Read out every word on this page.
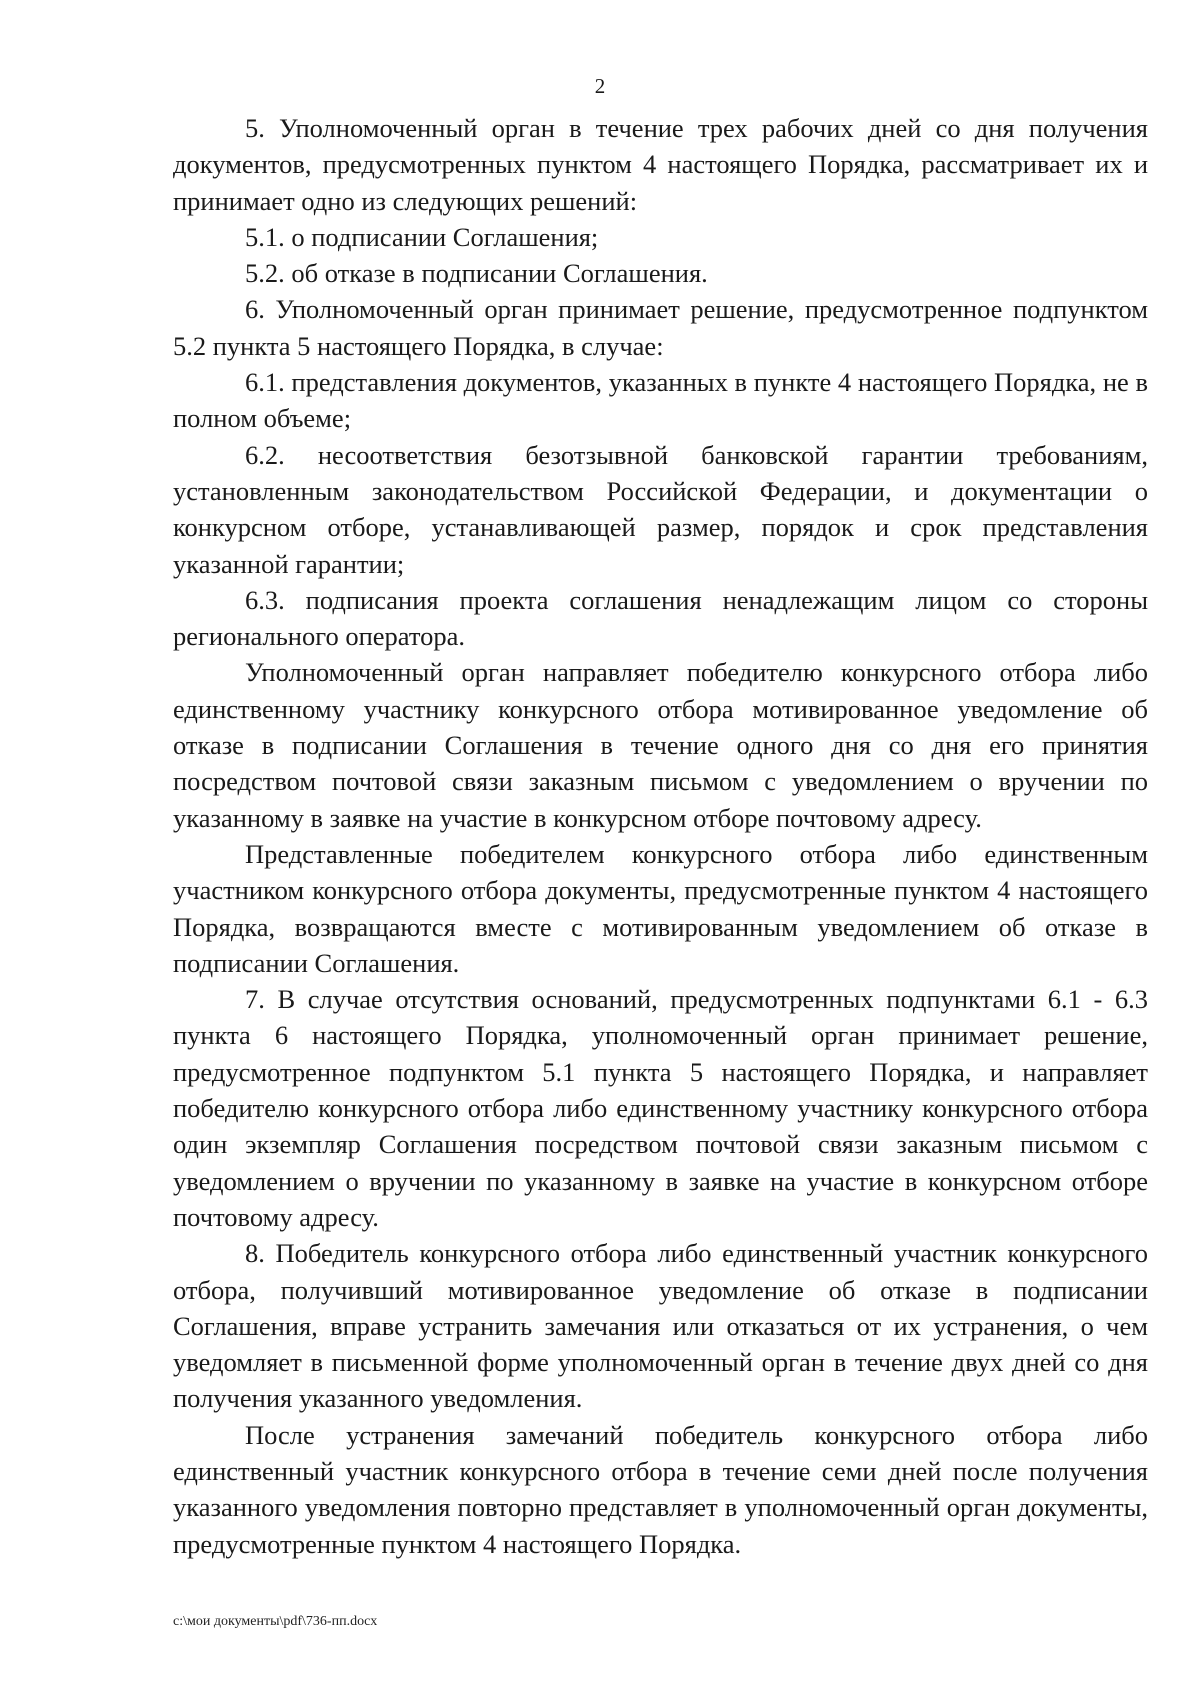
2

5. Уполномоченный орган в течение трех рабочих дней со дня получения документов, предусмотренных пунктом 4 настоящего Порядка, рассматривает их и принимает одно из следующих решений:

5.1. о подписании Соглашения;

5.2. об отказе в подписании Соглашения.

6. Уполномоченный орган принимает решение, предусмотренное подпунктом 5.2 пункта 5 настоящего Порядка, в случае:

6.1. представления документов, указанных в пункте 4 настоящего Порядка, не в полном объеме;

6.2. несоответствия безотзывной банковской гарантии требованиям, установленным законодательством Российской Федерации, и документации о конкурсном отборе, устанавливающей размер, порядок и срок представления указанной гарантии;

6.3. подписания проекта соглашения ненадлежащим лицом со стороны регионального оператора.

Уполномоченный орган направляет победителю конкурсного отбора либо единственному участнику конкурсного отбора мотивированное уведомление об отказе в подписании Соглашения в течение одного дня со дня его принятия посредством почтовой связи заказным письмом с уведомлением о вручении по указанному в заявке на участие в конкурсном отборе почтовому адресу.

Представленные победителем конкурсного отбора либо единственным участником конкурсного отбора документы, предусмотренные пунктом 4 настоящего Порядка, возвращаются вместе с мотивированным уведомлением об отказе в подписании Соглашения.

7. В случае отсутствия оснований, предусмотренных подпунктами 6.1 - 6.3 пункта 6 настоящего Порядка, уполномоченный орган принимает решение, предусмотренное подпунктом 5.1 пункта 5 настоящего Порядка, и направляет победителю конкурсного отбора либо единственному участнику конкурсного отбора один экземпляр Соглашения посредством почтовой связи заказным письмом с уведомлением о вручении по указанному в заявке на участие в конкурсном отборе почтовому адресу.

8. Победитель конкурсного отбора либо единственный участник конкурсного отбора, получивший мотивированное уведомление об отказе в подписании Соглашения, вправе устранить замечания или отказаться от их устранения, о чем уведомляет в письменной форме уполномоченный орган в течение двух дней со дня получения указанного уведомления.

После устранения замечаний победитель конкурсного отбора либо единственный участник конкурсного отбора в течение семи дней после получения указанного уведомления повторно представляет в уполномоченный орган документы, предусмотренные пунктом 4 настоящего Порядка.

c:\мои документы\pdf\736-пп.docx
